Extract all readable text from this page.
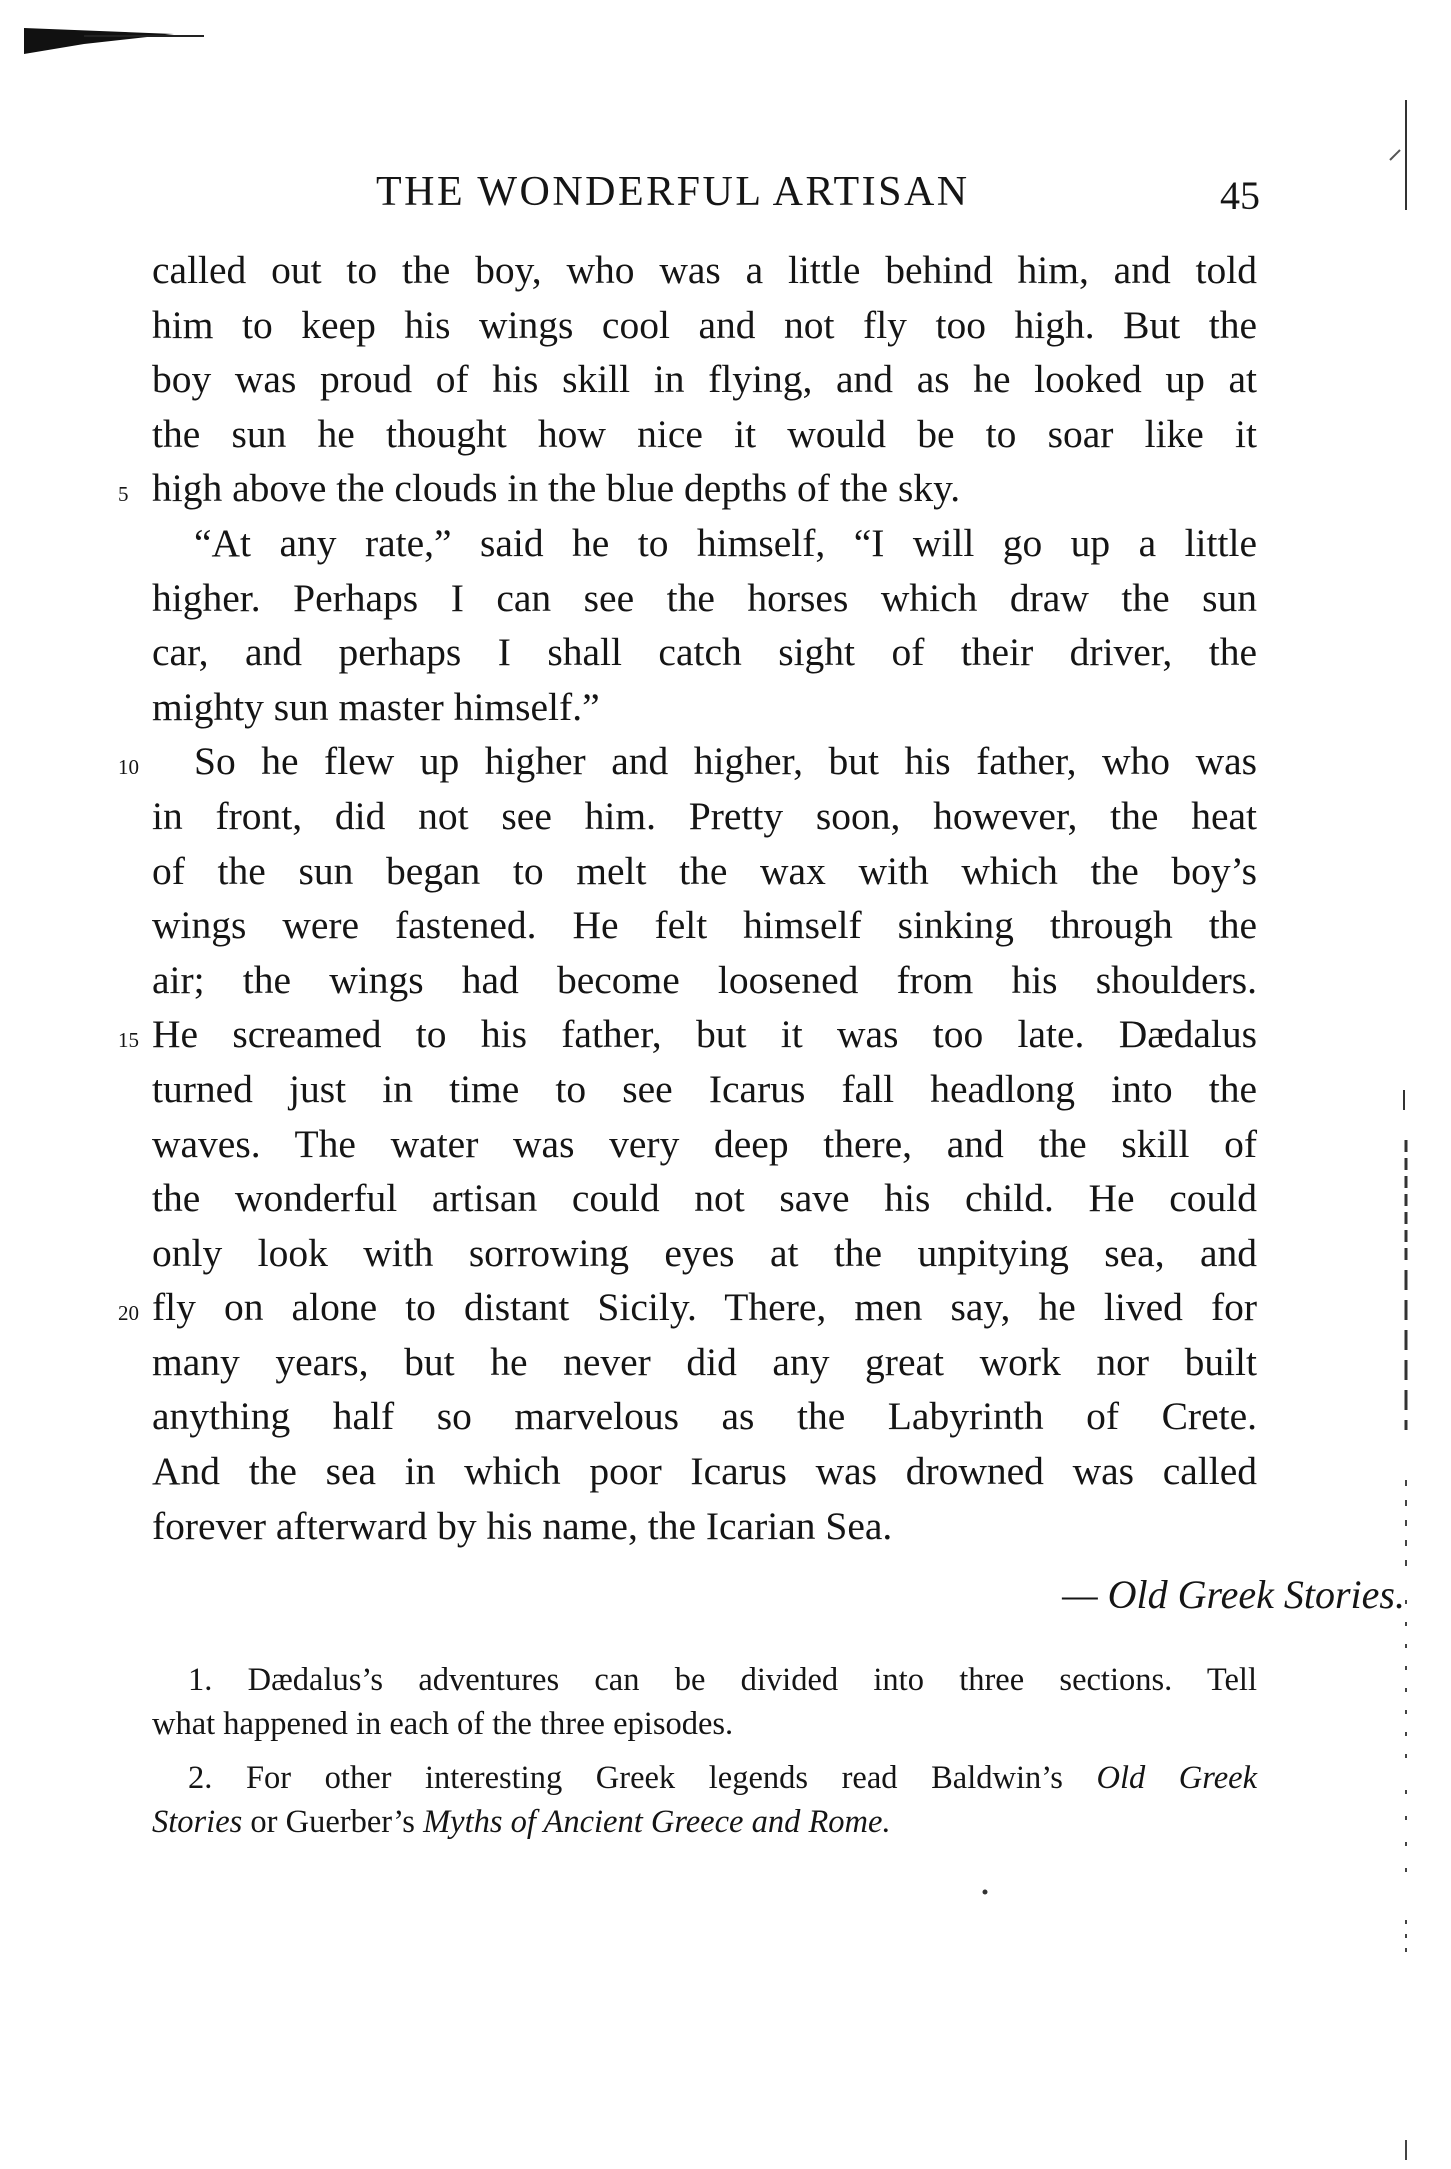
THE WONDERFUL ARTISAN	45
called out to the boy, who was a little behind him, and told
him to keep his wings cool and not fly too high. But the
boy was proud of his skill in flying, and as he looked up at
the sun he thought how nice it would be to soar like it
5 high above the clouds in the blue depths of the sky.
“At any rate,” said he to himself, “I will go up a little
higher. Perhaps I can see the horses which draw the sun
car, and perhaps I shall catch sight of their driver, the
mighty sun master himself.”
10 So he flew up higher and higher, but his father, who was
in front, did not see him. Pretty soon, however, the heat
of the sun began to melt the wax with which the boy’s
wings were fastened. He felt himself sinking through the
air; the wings had become loosened from his shoulders.
15 He screamed to his father, but it was too late. Dædalus
turned just in time to see Icarus fall headlong into the
waves. The water was very deep there, and the skill of
the wonderful artisan could not save his child. He could
only look with sorrowing eyes at the unpitying sea, and
20 fly on alone to distant Sicily. There, men say, he lived for
many years, but he never did any great work nor built
anything half so marvelous as the Labyrinth of Crete.
And the sea in which poor Icarus was drowned was called
forever afterward by his name, the Icarian Sea.
— Old Greek Stories.
1. Dædalus’s adventures can be divided into three sections. Tell
what happened in each of the three episodes.
2. For other interesting Greek legends read Baldwin’s Old Greek
Stories or Guerber’s Myths of Ancient Greece and Rome.
